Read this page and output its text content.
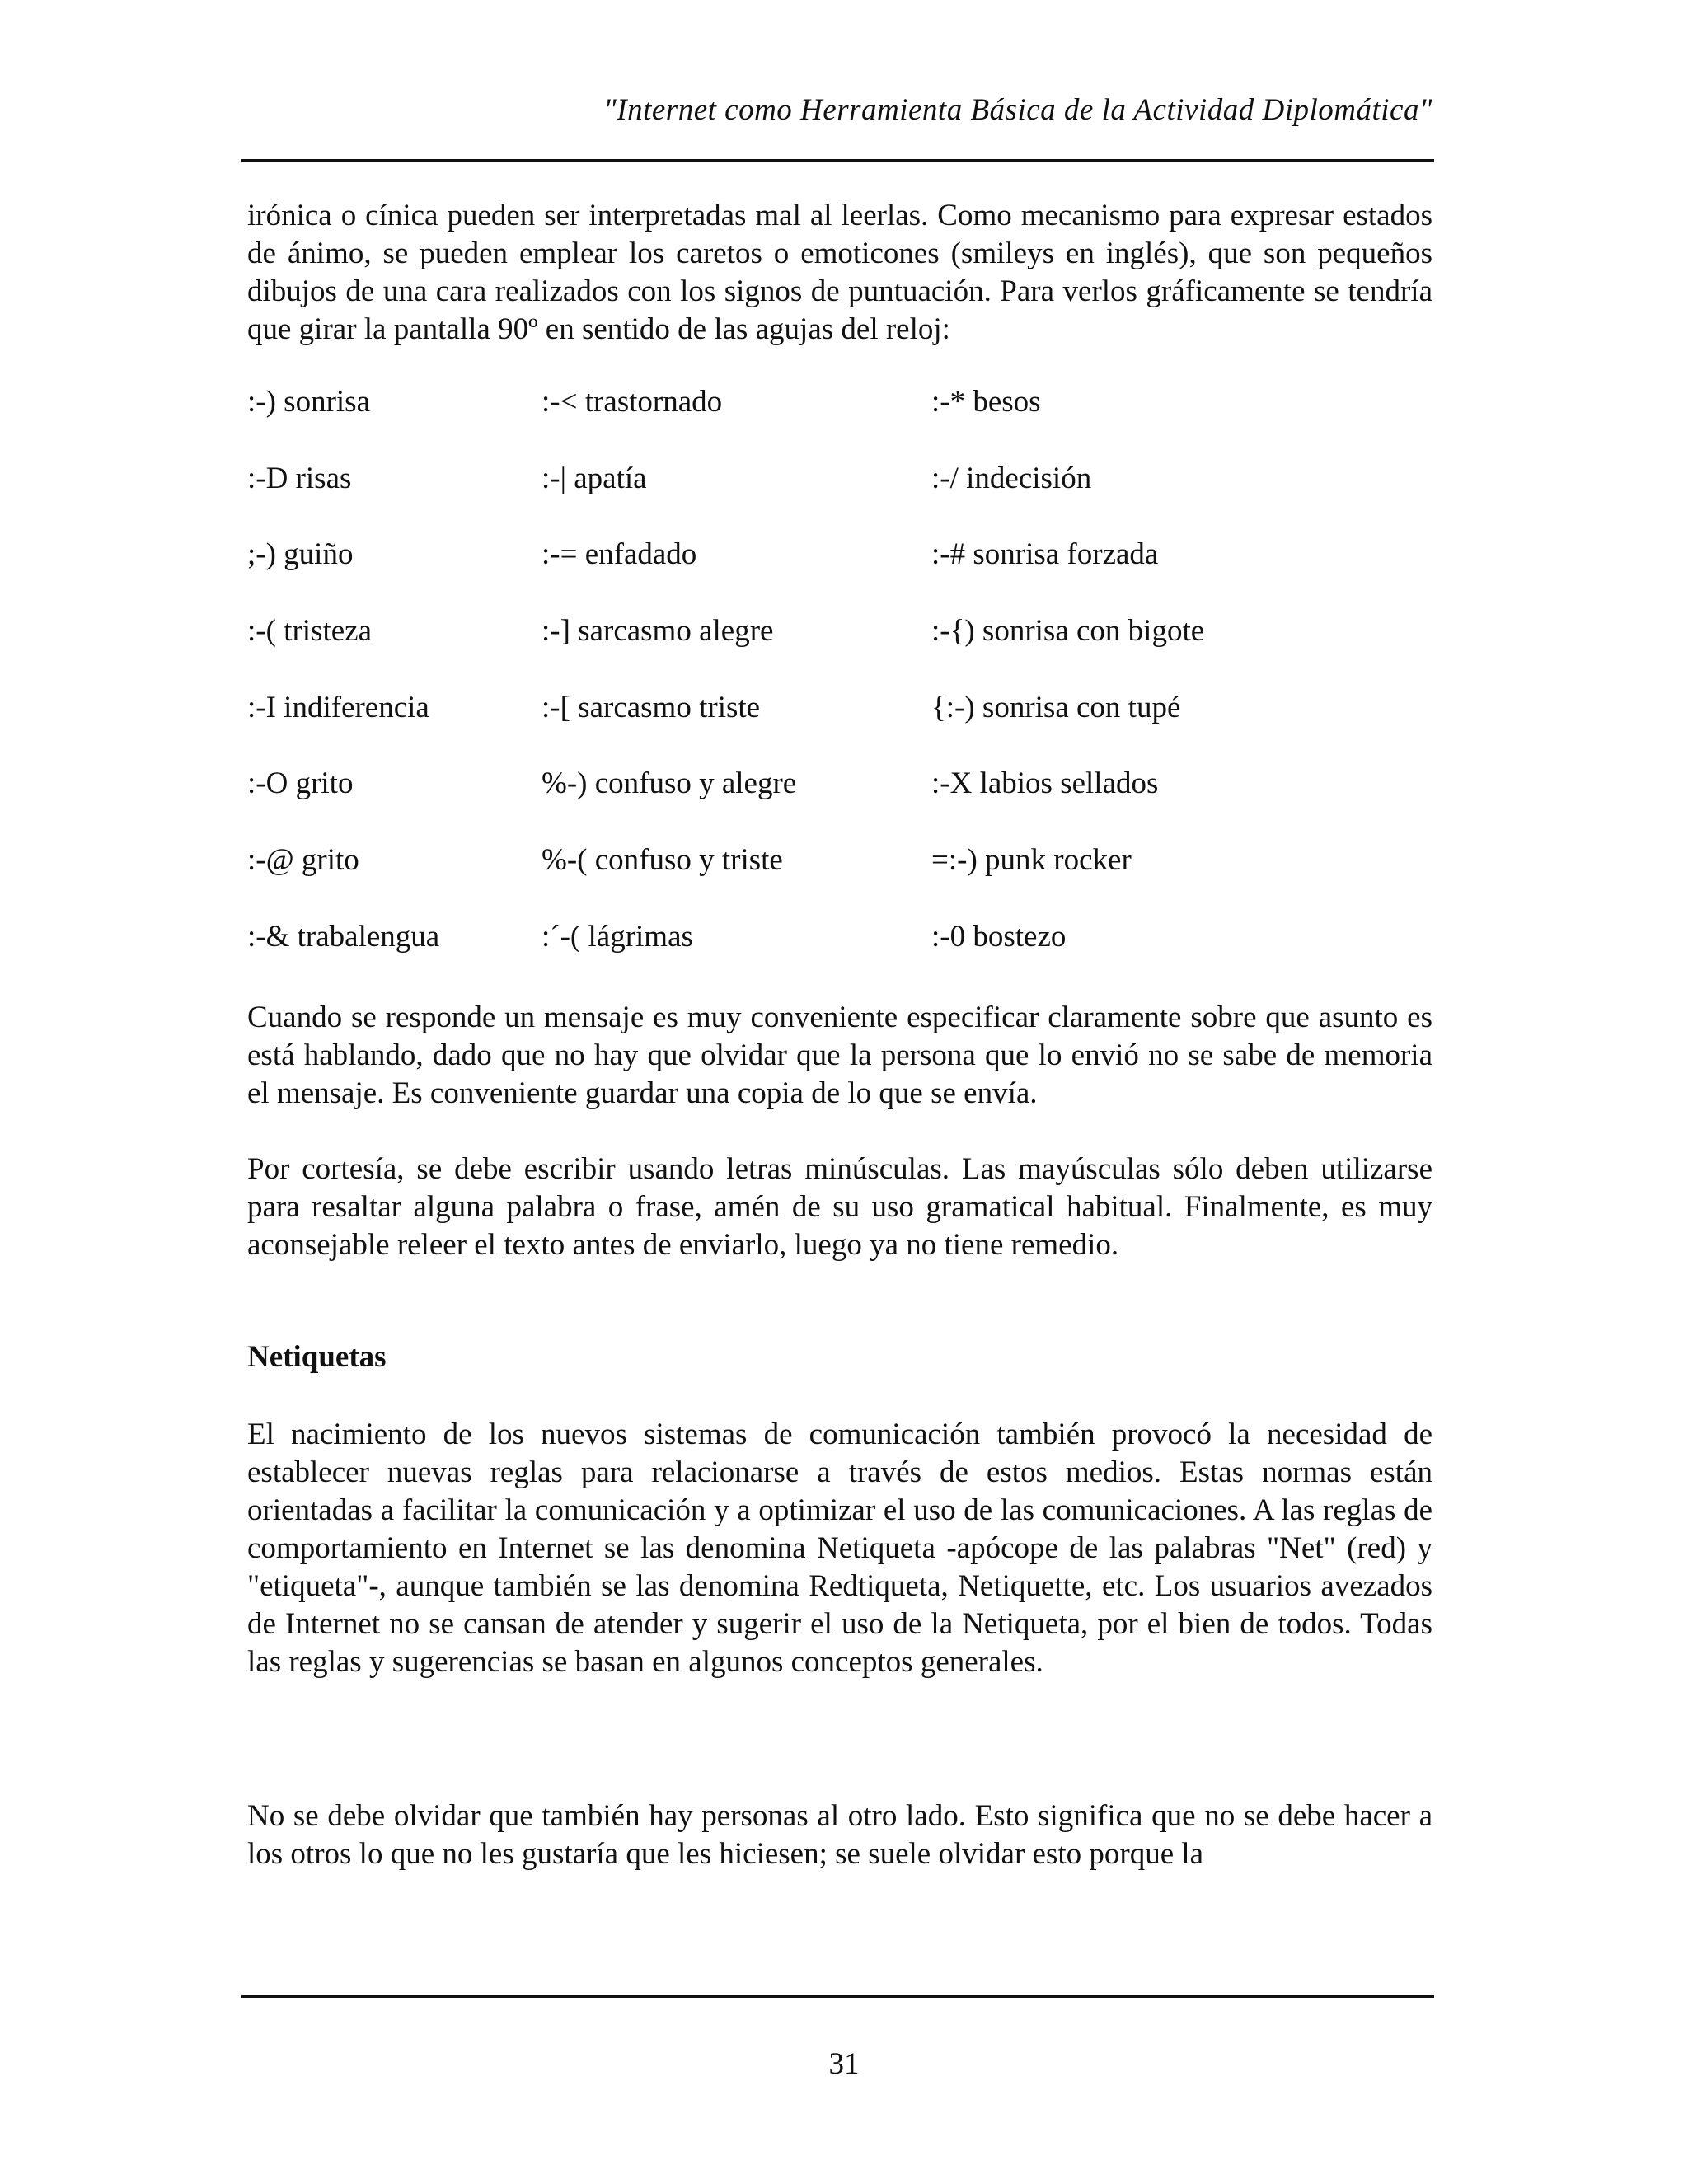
"Internet como Herramienta Básica de la Actividad Diplomática"

irónica o cínica pueden ser interpretadas mal al leerlas. Como mecanismo para expresar estados de ánimo, se pueden emplear los caretos o emoticones (smileys en inglés), que son pequeños dibujos de una cara realizados con los signos de puntuación. Para verlos gráficamente se tendría que girar la pantalla 90º en sentido de las agujas del reloj:

:-) sonrisa	:-< trastornado	:-* besos
:-D risas	:-| apatía	:-/ indecisión
;-) guiño	:-= enfadado	:-# sonrisa forzada
:-( tristeza	:-] sarcasmo alegre	:-{) sonrisa con bigote
:-I indiferencia	:-[ sarcasmo triste	{:-) sonrisa con tupé
:-O grito	%-) confuso y alegre	:-X labios sellados
:-@ grito	%-( confuso y triste	=:-) punk rocker
:-& trabalengua	:´-( lágrimas	:-0 bostezo

Cuando se responde un mensaje es muy conveniente especificar claramente sobre que asunto es está hablando, dado que no hay que olvidar que la persona que lo envió no se sabe de memoria el mensaje. Es conveniente guardar una copia de lo que se envía.

Por cortesía, se debe escribir usando letras minúsculas. Las mayúsculas sólo deben utilizarse para resaltar alguna palabra o frase, amén de su uso gramatical habitual. Finalmente, es muy aconsejable releer el texto antes de enviarlo, luego ya no tiene remedio.

Netiquetas

El nacimiento de los nuevos sistemas de comunicación también provocó la necesidad de establecer nuevas reglas para relacionarse a través de estos medios. Estas normas están orientadas a facilitar la comunicación y a optimizar el uso de las comunicaciones. A las reglas de comportamiento en Internet se las denomina Netiqueta -apócope de las palabras "Net" (red) y "etiqueta"-, aunque también se las denomina Redtiqueta, Netiquette, etc. Los usuarios avezados de Internet no se cansan de atender y sugerir el uso de la Netiqueta, por el bien de todos. Todas las reglas y sugerencias se basan en algunos conceptos generales.

No se debe olvidar que también hay personas al otro lado. Esto significa que no se debe hacer a los otros lo que no les gustaría que les hiciesen; se suele olvidar esto porque la

31
